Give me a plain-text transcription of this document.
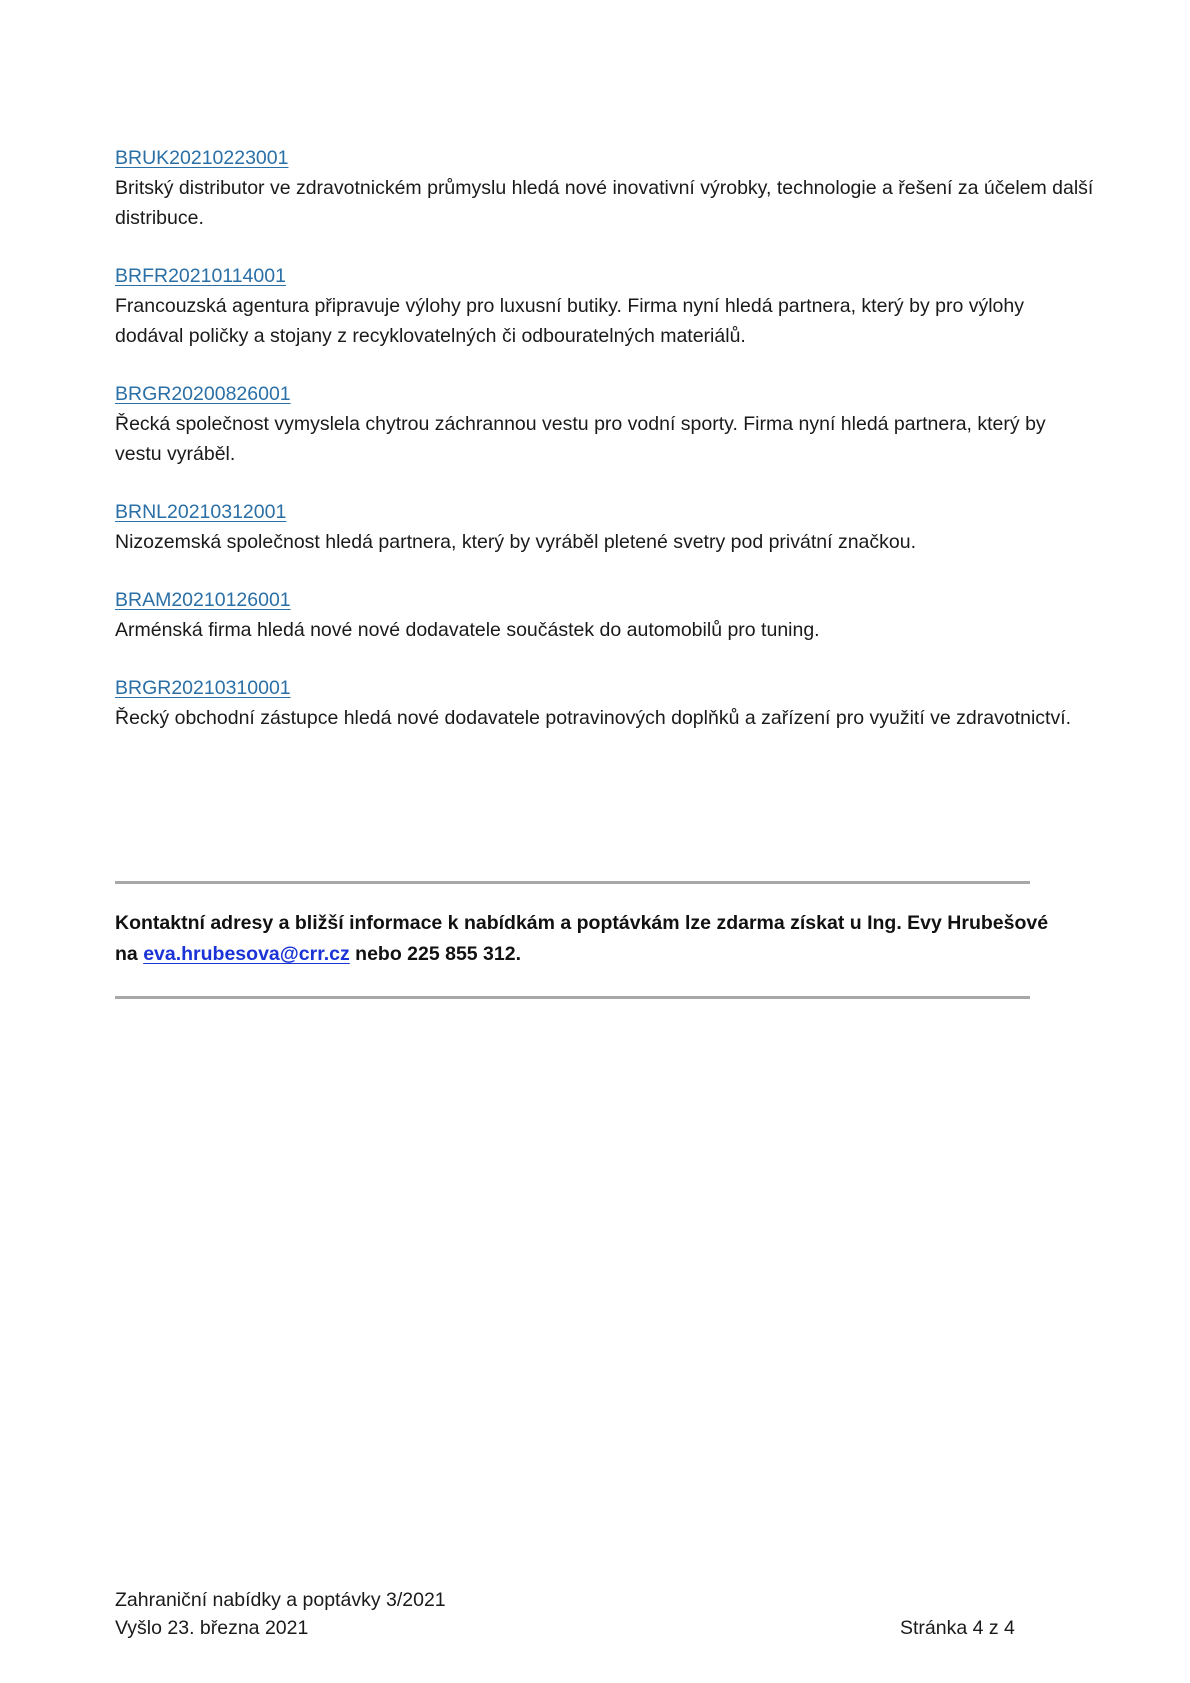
BRUK20210223001

Britský distributor ve zdravotnickém průmyslu hledá nové inovativní výrobky, technologie a řešení za účelem další distribuce.

BRFR20210114001

Francouzská agentura připravuje výlohy pro luxusní butiky. Firma nyní hledá partnera, který by pro výlohy dodával poličky a stojany z recyklovatelných či odbouratelných materiálů.

BRGR20200826001

Řecká společnost vymyslela chytrou záchrannou vestu pro vodní sporty. Firma nyní hledá partnera, který by vestu vyráběl.

BRNL20210312001

Nizozemská společnost hledá partnera, který by vyráběl pletené svetry pod privátní značkou.

BRAM20210126001

Arménská firma hledá nové nové dodavatele součástek do automobilů pro tuning.

BRGR20210310001

Řecký obchodní zástupce hledá nové dodavatele potravinových doplňků a zařízení pro využití ve zdravotnictví.

Kontaktní adresy a bližší informace k nabídkám a poptávkám lze zdarma získat u Ing. Evy Hrubešové na eva.hrubesova@crr.cz nebo 225 855 312.
Zahraniční nabídky a poptávky 3/2021
Vyšlo 23. března 2021	Stránka 4 z 4
